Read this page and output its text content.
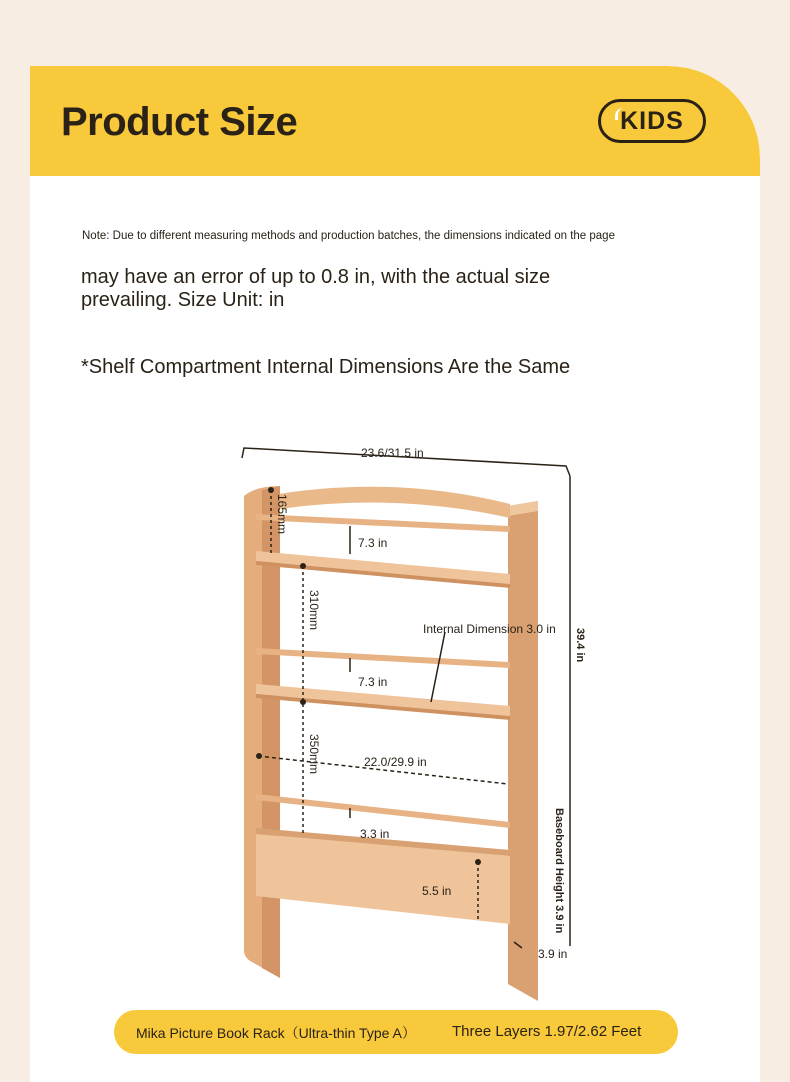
Product Size	KIDS
Note: Due to different measuring methods and production batches, the dimensions indicated on the page
may have an error of up to 0.8 in, with the actual size prevailing. Size Unit: in
*Shelf Compartment Internal Dimensions Are the Same
23.6/31.5 in
39.4 in
165mm
310mm
350mm
7.3 in
7.3 in
Internal Dimension 3.0 in
22.0/29.9 in
3.3 in
5.5 in	Baseboard Height 3.9 in
3.9 in
Mika Picture Book Rack（Ultra-thin Type A） Three Layers 1.97/2.62 Feet
